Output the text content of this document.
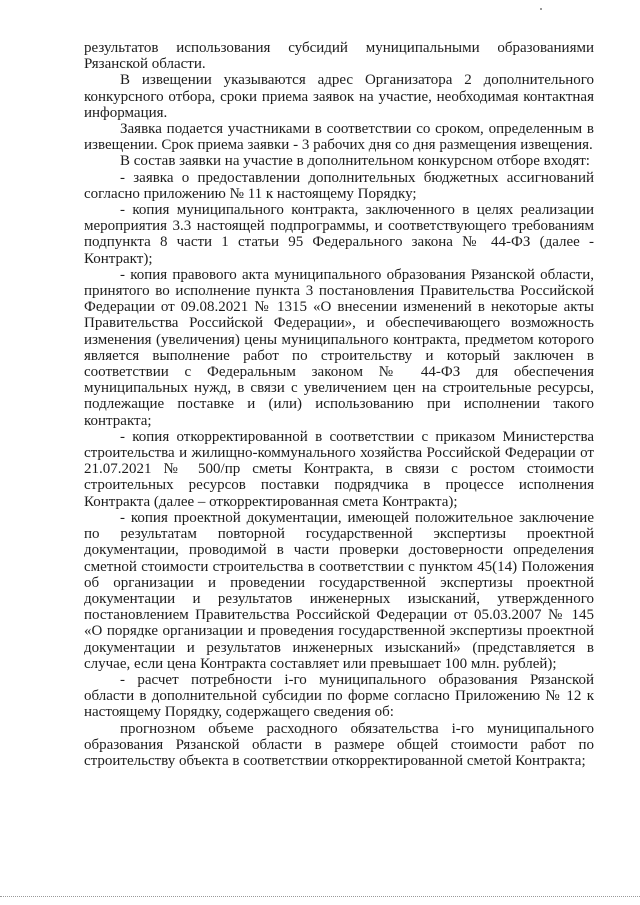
результатов использования субсидий муниципальными образованиями Рязанской области.

В извещении указываются адрес Организатора 2 дополнительного конкурсного отбора, сроки приема заявок на участие, необходимая контактная информация.

Заявка подается участниками в соответствии со сроком, определенным в извещении. Срок приема заявки - 3 рабочих дня со дня размещения извещения.

В состав заявки на участие в дополнительном конкурсном отборе входят:

- заявка о предоставлении дополнительных бюджетных ассигнований согласно приложению № 11 к настоящему Порядку;

- копия муниципального контракта, заключенного в целях реализации мероприятия 3.3 настоящей подпрограммы, и соответствующего требованиям подпункта 8 части 1 статьи 95 Федерального закона № 44-ФЗ (далее - Контракт);

- копия правового акта муниципального образования Рязанской области, принятого во исполнение пункта 3 постановления Правительства Российской Федерации от 09.08.2021 № 1315 «О внесении изменений в некоторые акты Правительства Российской Федерации», и обеспечивающего возможность изменения (увеличения) цены муниципального контракта, предметом которого является выполнение работ по строительству и который заключен в соответствии с Федеральным законом № 44-ФЗ для обеспечения муниципальных нужд, в связи с увеличением цен на строительные ресурсы, подлежащие поставке и (или) использованию при исполнении такого контракта;

- копия откорректированной в соответствии с приказом Министерства строительства и жилищно-коммунального хозяйства Российской Федерации от 21.07.2021 № 500/пр сметы Контракта, в связи с ростом стоимости строительных ресурсов поставки подрядчика в процессе исполнения Контракта (далее – откорректированная смета Контракта);

- копия проектной документации, имеющей положительное заключение по результатам повторной государственной экспертизы проектной документации, проводимой в части проверки достоверности определения сметной стоимости строительства в соответствии с пунктом 45(14) Положения об организации и проведении государственной экспертизы проектной документации и результатов инженерных изысканий, утвержденного постановлением Правительства Российской Федерации от 05.03.2007 № 145 «О порядке организации и проведения государственной экспертизы проектной документации и результатов инженерных изысканий» (представляется в случае, если цена Контракта составляет или превышает 100 млн. рублей);

- расчет потребности i-го муниципального образования Рязанской области в дополнительной субсидии по форме согласно Приложению № 12 к настоящему Порядку, содержащего сведения об:

прогнозном объеме расходного обязательства i-го муниципального образования Рязанской области в размере общей стоимости работ по строительству объекта в соответствии откорректированной сметой Контракта;
